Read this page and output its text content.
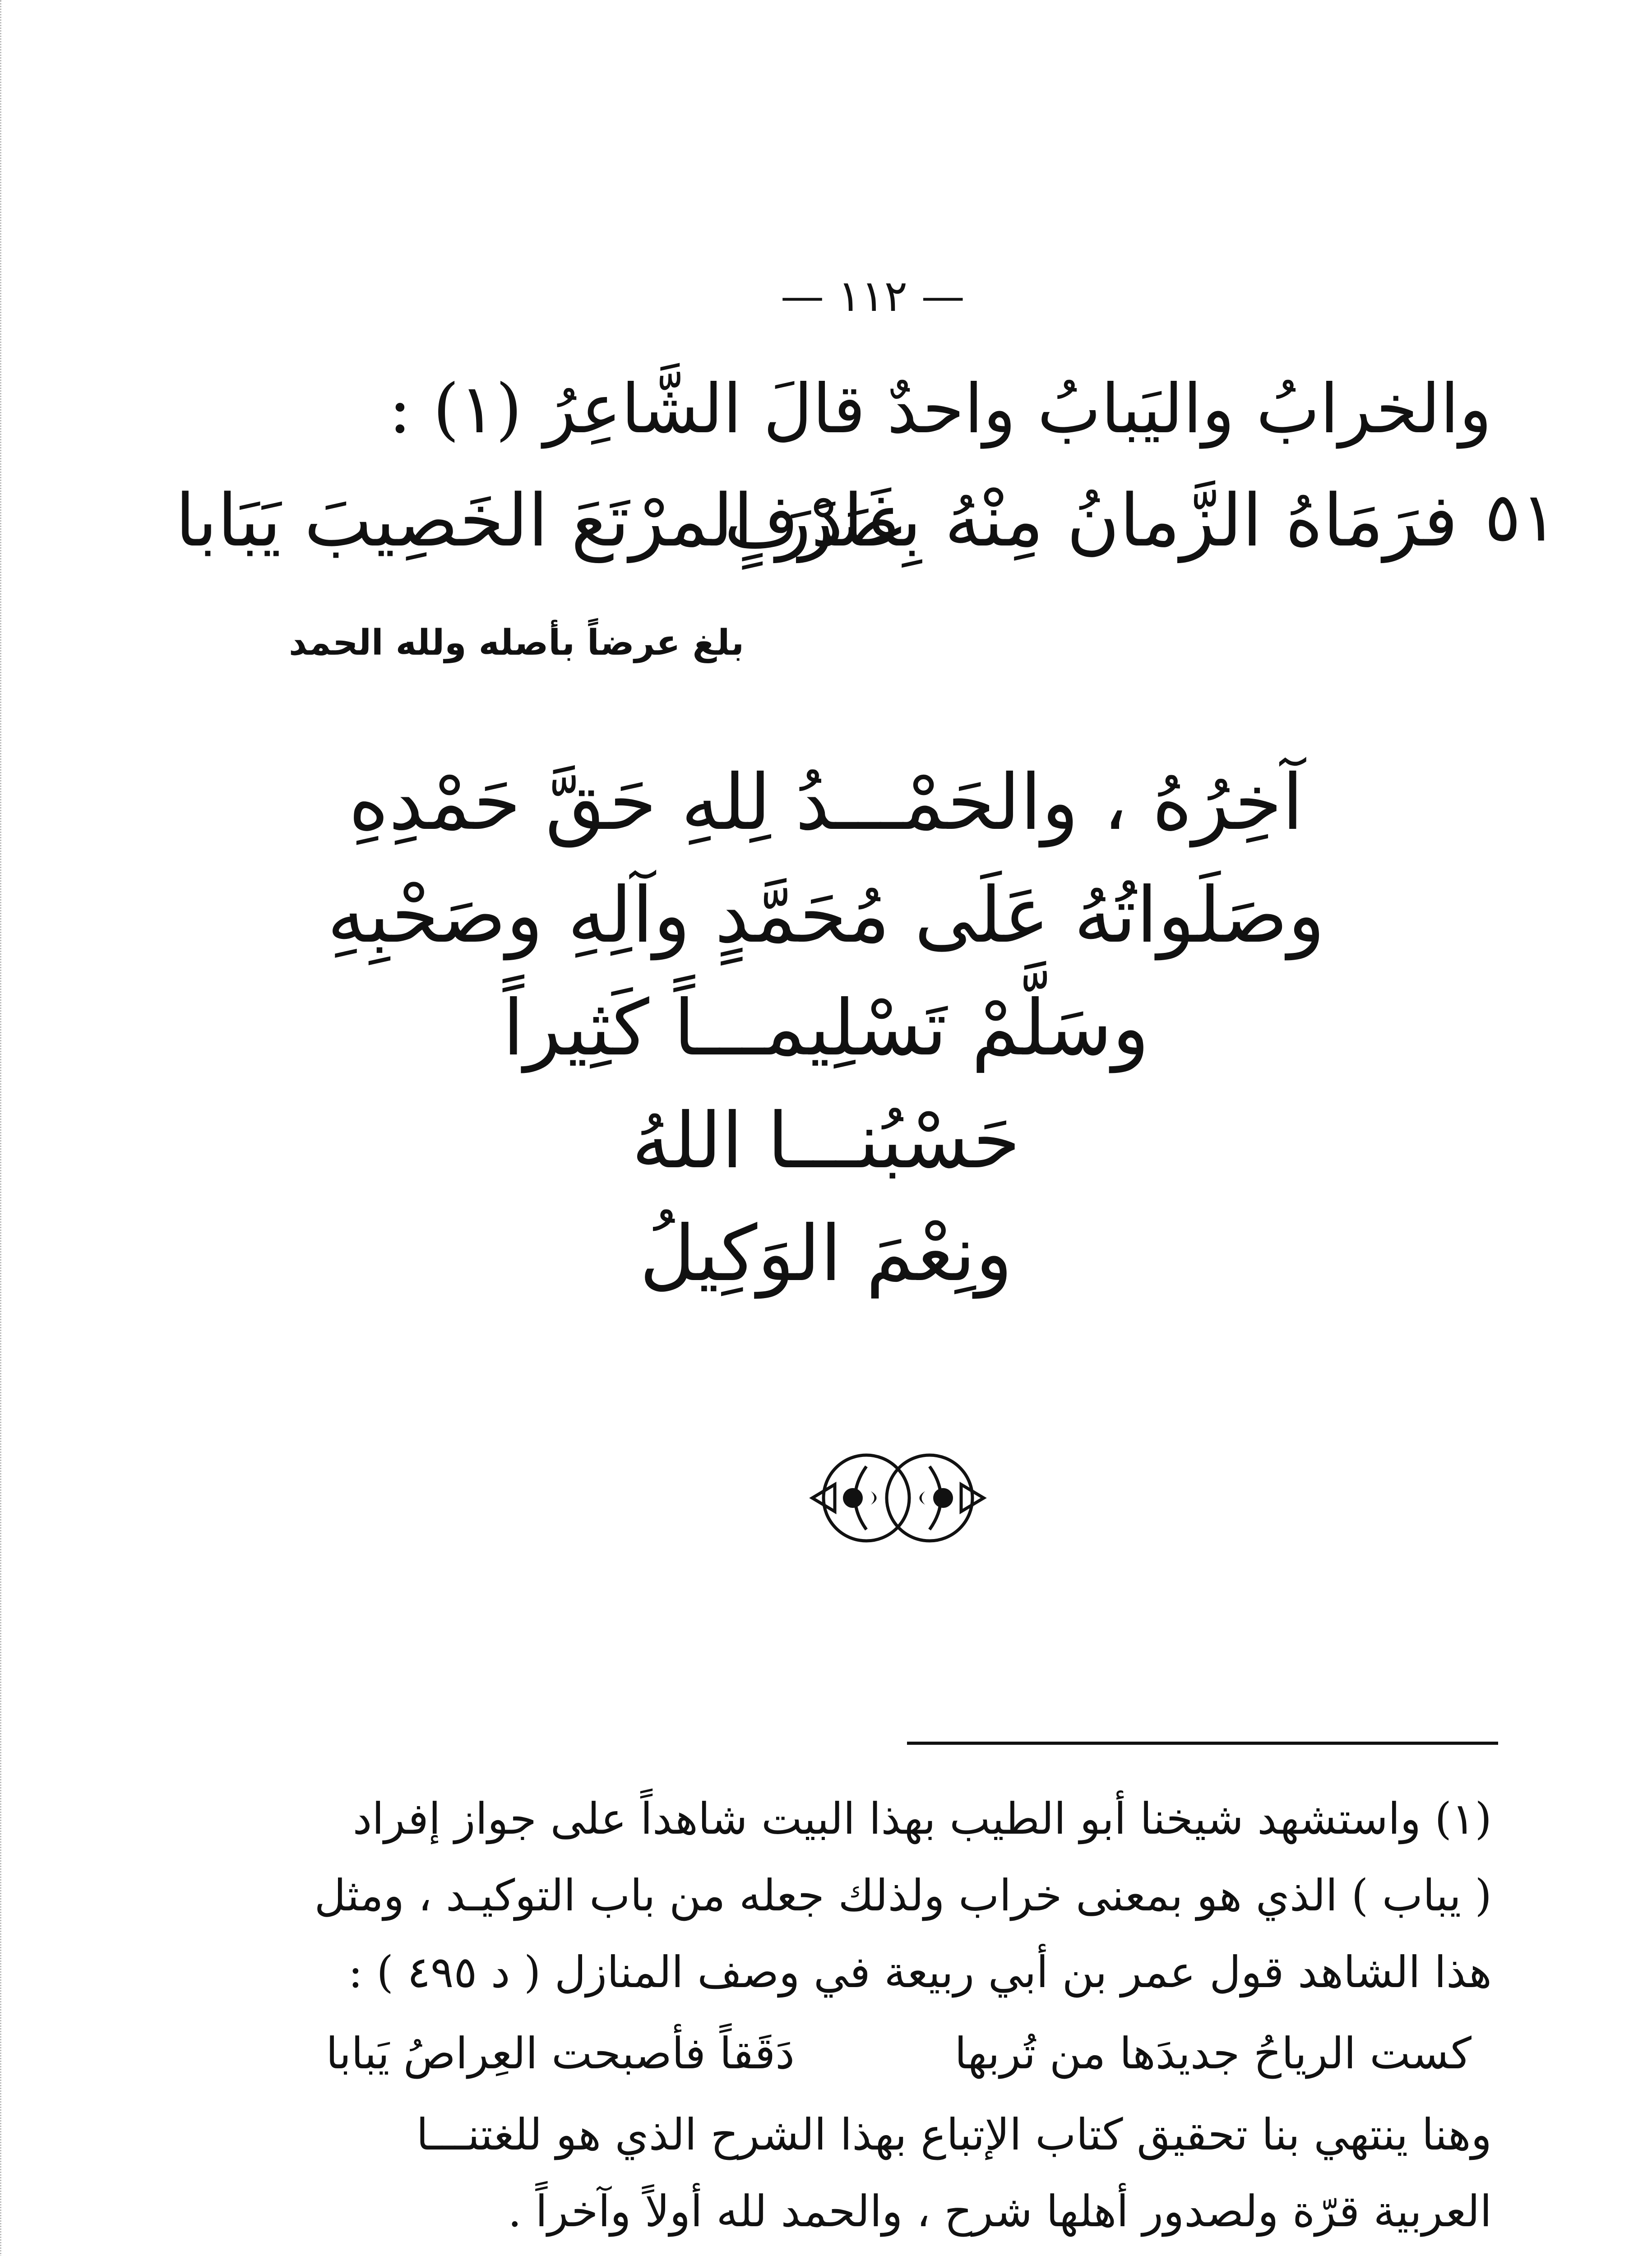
— ١١٢ —
والخرابُ واليَبابُ واحدٌ قالَ الشَّاعِرُ (١) :
٥١
فرَمَاهُ الزَّمانُ مِنْهُ بِصَرْفٍ
غَادَرَ المرْتَعَ الخَصِيبَ يَبَابا
بلغ عرضاً بأصله ولله الحمد
آخِرُهُ ، والحَمْـــدُ لِلهِ حَقَّ حَمْدِهِ
وصَلَواتُهُ عَلَى مُحَمَّدٍ وآلِهِ وصَحْبِهِ
وسَلَّمْ تَسْلِيمـــاً كَثِيراً
حَسْبُنـــا اللهُ
ونِعْمَ الوَكِيلُ
(١) واستشهد شيخنا أبو الطيب بهذا البيت شاهداً على جواز إفراد
( يباب ) الذي هو بمعنى خراب ولذلك جعله من باب التوكيـد ، ومثل
هذا الشاهد قول عمر بن أبي ربيعة في وصف المنازل ( د ٤٩٥ ) :
كست الرياحُ جديدَها من تُربها
دَقَقاً فأصبحت العِراصُ يَبابا
وهنا ينتهي بنا تحقيق كتاب الإتباع بهذا الشرح الذي هو للغتنـــا
العربية قرّة ولصدور أهلها شرح ، والحمد لله أولاً وآخراً .
